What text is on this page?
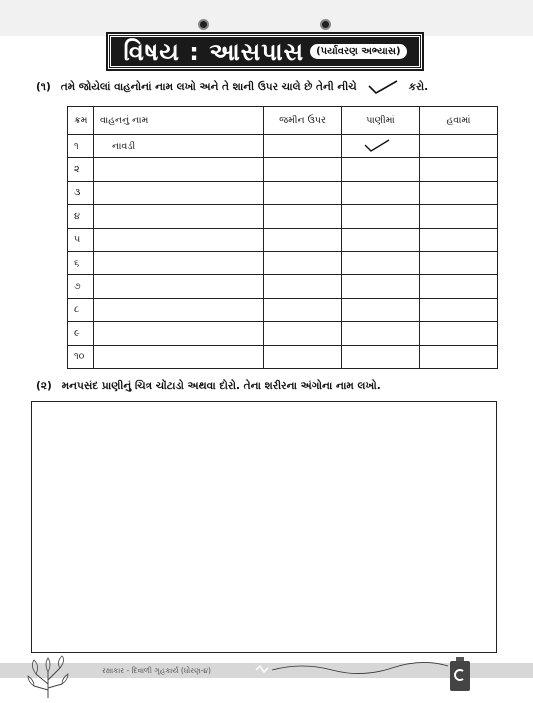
વિષય : આસપાસ	(પર્યાવરણ અભ્યાસ)
(૧) તમે જોયેલાં વાહનોનાં નામ લખો અને તે શાની ઉપર ચાલે છે તેની નીચે	કરો.
ક્રમ	વાહનનું નામ	જમીન ઉપર	પાણીમાં	હવામાં
૧	નાવડી		

૨				
૩				
૪				
૫				
૬				
૭				
૮				
૯				
૧૦				
(૨) મનપસંદ પ્રાણીનું ચિત્ર ચોંટાડો અથવા દોરો. તેના શરીરના અંગોના નામ લખો.
રક્ષાકાર - દિવાળી ગૃહકાર્ય (ધોરણ-૪)
